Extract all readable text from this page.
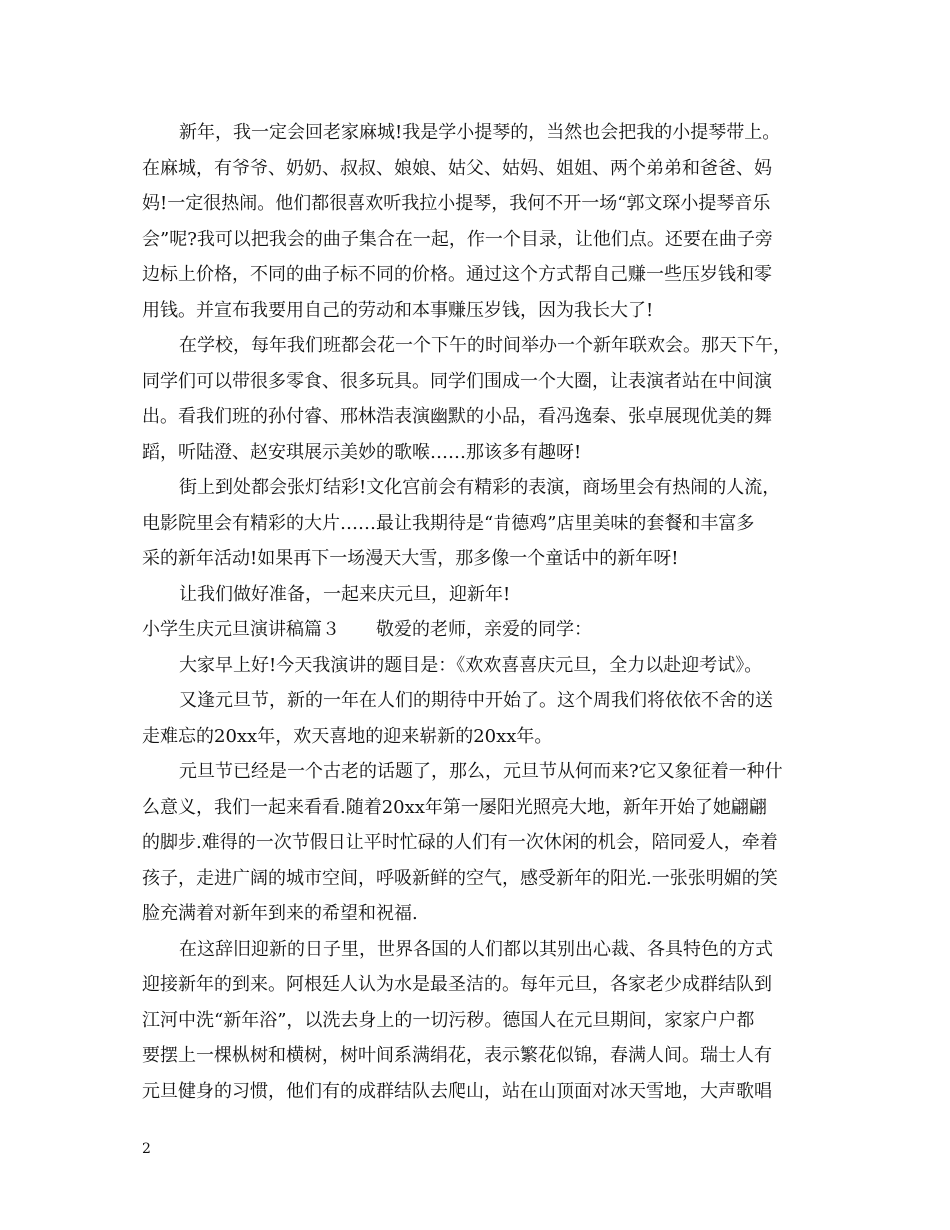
新年，我一定会回老家麻城!我是学小提琴的，当然也会把我的小提琴带上。
在麻城，有爷爷、奶奶、叔叔、娘娘、姑父、姑妈、姐姐、两个弟弟和爸爸、妈
妈!一定很热闹。他们都很喜欢听我拉小提琴，我何不开一场“郭文琛小提琴音乐
会”呢?我可以把我会的曲子集合在一起，作一个目录，让他们点。还要在曲子旁
边标上价格，不同的曲子标不同的价格。通过这个方式帮自己赚一些压岁钱和零
用钱。并宣布我要用自己的劳动和本事赚压岁钱，因为我长大了!
在学校，每年我们班都会花一个下午的时间举办一个新年联欢会。那天下午，
同学们可以带很多零食、很多玩具。同学们围成一个大圈，让表演者站在中间演
出。看我们班的孙付睿、邢林浩表演幽默的小品，看冯逸秦、张卓展现优美的舞
蹈，听陆澄、赵安琪展示美妙的歌喉……那该多有趣呀!
街上到处都会张灯结彩!文化宫前会有精彩的表演，商场里会有热闹的人流，
电影院里会有精彩的大片……最让我期待是“肯德鸡”店里美味的套餐和丰富多
采的新年活动!如果再下一场漫天大雪，那多像一个童话中的新年呀!
让我们做好准备，一起来庆元旦，迎新年!
小学生庆元旦演讲稿篇３　　敬爱的老师，亲爱的同学：
大家早上好!今天我演讲的题目是：《欢欢喜喜庆元旦，全力以赴迎考试》。
又逢元旦节，新的一年在人们的期待中开始了。这个周我们将依依不舍的送
走难忘的20xx年，欢天喜地的迎来崭新的20xx年。
元旦节已经是一个古老的话题了，那么，元旦节从何而来?它又象征着一种什
么意义，我们一起来看看.随着20xx年第一屡阳光照亮大地，新年开始了她翩翩
的脚步.难得的一次节假日让平时忙碌的人们有一次休闲的机会，陪同爱人，牵着
孩子，走进广阔的城市空间，呼吸新鲜的空气，感受新年的阳光.一张张明媚的笑
脸充满着对新年到来的希望和祝福.
在这辞旧迎新的日子里，世界各国的人们都以其别出心裁、各具特色的方式
迎接新年的到来。阿根廷人认为水是最圣洁的。每年元旦，各家老少成群结队到
江河中洗“新年浴”，以洗去身上的一切污秽。德国人在元旦期间，家家户户都
要摆上一棵枞树和横树，树叶间系满绢花，表示繁花似锦，春满人间。瑞士人有
元旦健身的习惯，他们有的成群结队去爬山，站在山顶面对冰天雪地，大声歌唱
2
